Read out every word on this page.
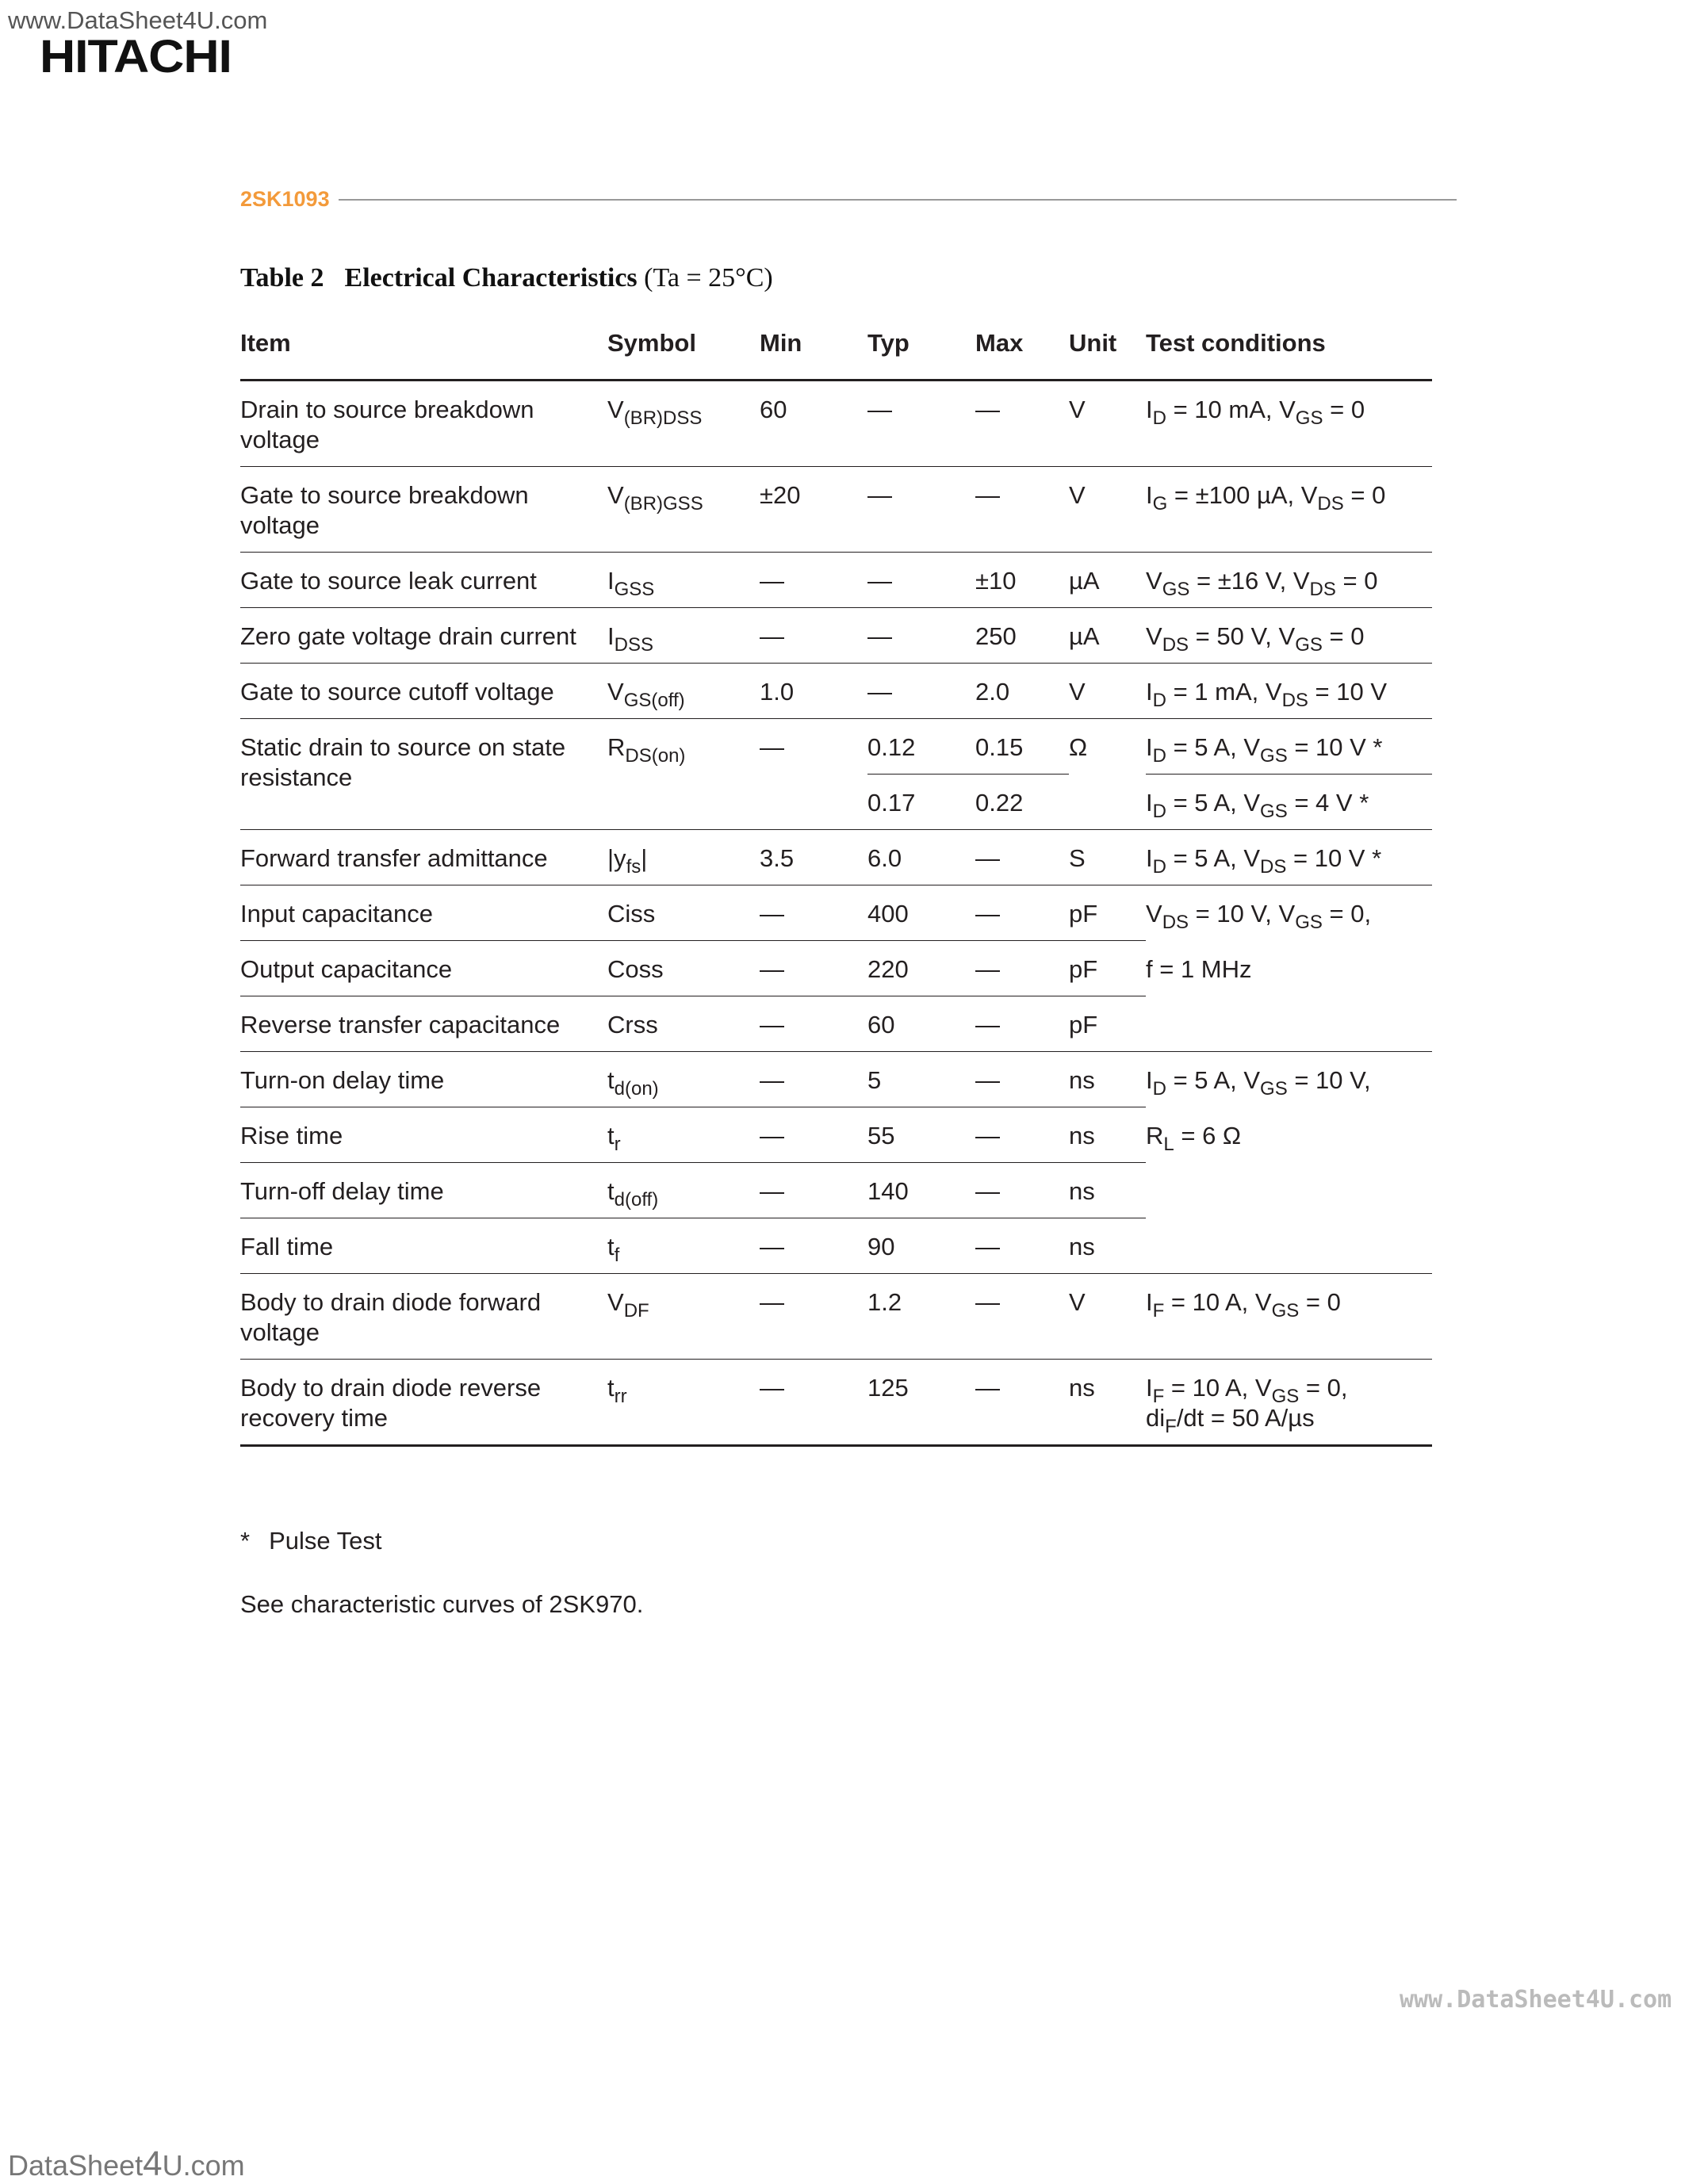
www.DataSheet4U.com
HITACHI
2SK1093
Table 2 Electrical Characteristics (Ta = 25°C)
Item	Symbol	Min	Typ	Max	Unit	Test conditions
Drain to source breakdown voltage	$V_{(BR)DSS}$	60	—	—	V	$I_D = 10$ mA, $V_{GS} = 0$
Gate to source breakdown voltage	$V_{(BR)GSS}$	±20	—	—	V	$I_G = \pm 100$ µA, $V_{DS} = 0$
Gate to source leak current	$I_{GSS}$	—	—	±10	µA	$V_{GS} = \pm 16$ V, $V_{DS} = 0$
Zero gate voltage drain current	$I_{DSS}$	—	—	250	µA	$V_{DS} = 50$ V, $V_{GS} = 0$
Gate to source cutoff voltage	$V_{GS(off)}$	1.0	—	2.0	V	$I_D = 1$ mA, $V_{DS} = 10$ V
Static drain to source on state resistance	$R_{DS(on)}$	—	0.12	0.15	Ω	$I_D = 5$ A, $V_{GS} = 10$ V *
			0.17	0.22		$I_D = 5$ A, $V_{GS} = 4$ V *
Forward transfer admittance	$|y_{fs}|$	3.5	6.0	—	S	$I_D = 5$ A, $V_{DS} = 10$ V *
Input capacitance	Ciss	—	400	—	pF	$V_{DS} = 10$ V, $V_{GS} = 0$,
Output capacitance	Coss	—	220	—	pF	f = 1 MHz
Reverse transfer capacitance	Crss	—	60	—	pF	
Turn-on delay time	$t_{d(on)}$	—	5	—	ns	$I_D = 5$ A, $V_{GS} = 10$ V,
Rise time	$t_r$	—	55	—	ns	$R_L = 6$ Ω
Turn-off delay time	$t_{d(off)}$	—	140	—	ns	
Fall time	$t_f$	—	90	—	ns	
Body to drain diode forward voltage	$V_{DF}$	—	1.2	—	V	$I_F = 10$ A, $V_{GS} = 0$
Body to drain diode reverse recovery time	$t_{rr}$	—	125	—	ns	$I_F = 10$ A, $V_{GS} = 0$,
$di_F/dt = 50$ A/µs
* Pulse Test
See characteristic curves of 2SK970.
www.DataSheet4U.com
DataSheet4U.com
